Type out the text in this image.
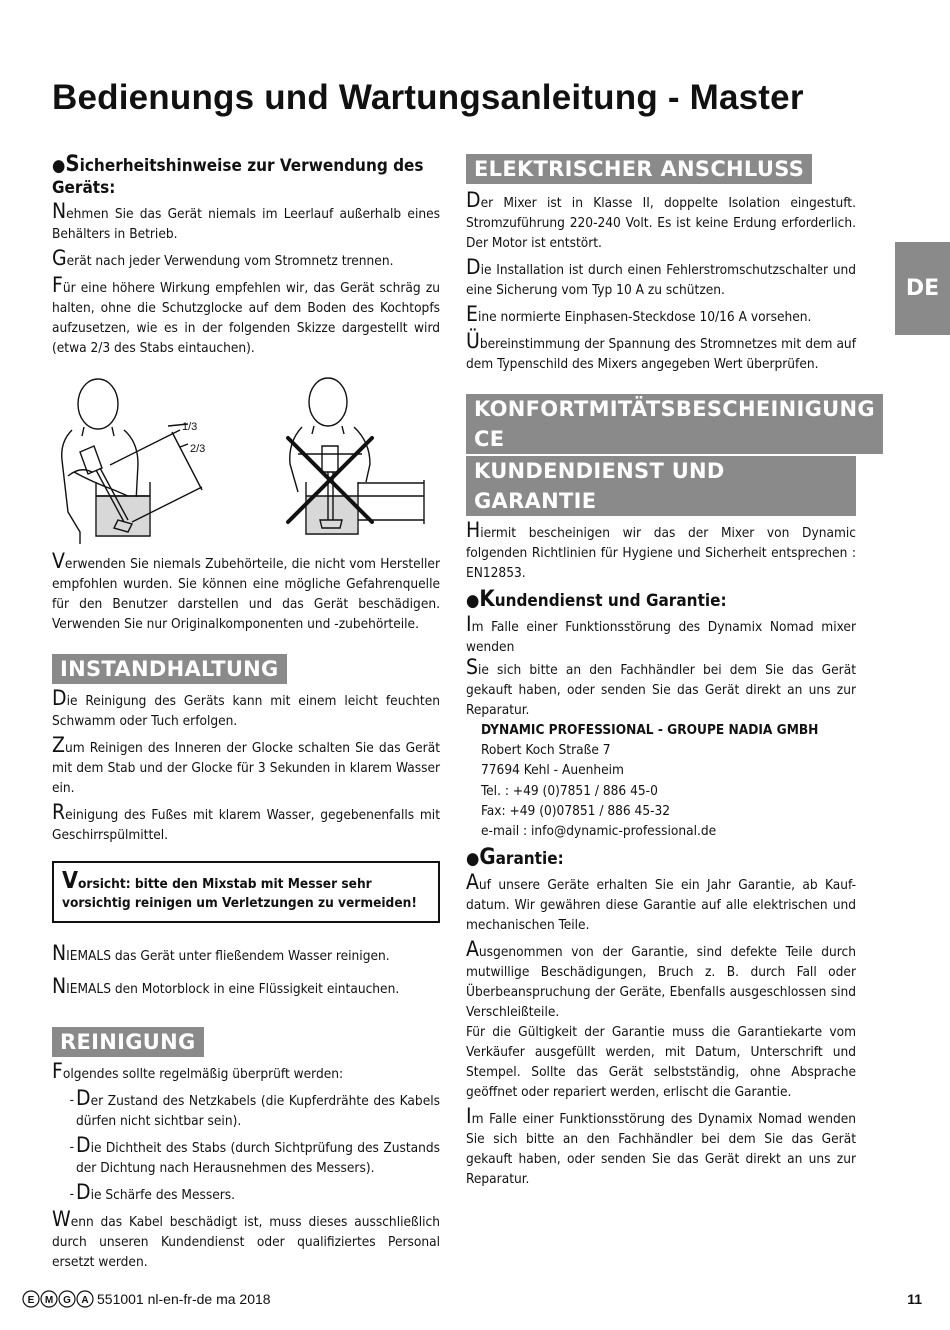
Bedienungs und Wartungsanleitung - Master
DE
●Sicherheitshinweise zur Verwendung des Geräts:

Nehmen Sie das Gerät niemals im Leerlauf außerhalb eines Behälters in Betrieb.

Gerät nach jeder Verwendung vom Stromnetz trennen.

Für eine höhere Wirkung empfehlen wir, das Gerät schräg zu halten, ohne die Schutzglocke auf dem Boden des Kochtopfs aufzusetzen, wie es in der folgenden Skizze dargestellt wird (etwa 2/3 des Stabs eintauchen).

1/3
2/3

Verwenden Sie niemals Zubehörteile, die nicht vom Hersteller empfohlen wurden. Sie können eine mögliche Gefahrenquelle für den Benutzer darstellen und das Gerät beschädigen. Verwenden Sie nur Originalkomponenten und -zubehörteile.

INSTANDHALTUNG

Die Reinigung des Geräts kann mit einem leicht feuchten Schwamm oder Tuch erfolgen.

Zum Reinigen des Inneren der Glocke schalten Sie das Gerät mit dem Stab und der Glocke für 3 Sekunden in klarem Wasser ein.

Reinigung des Fußes mit klarem Wasser, gegebenenfalls mit Geschirrspülmittel.

Vorsicht: bitte den Mixstab mit Messer sehr vorsichtig reinigen um Verletzungen zu vermeiden!

NIEMALS das Gerät unter fließendem Wasser reinigen.

NIEMALS den Motorblock in eine Flüssigkeit eintauchen.

REINIGUNG

Folgendes sollte regelmäßig überprüft werden:

- Der Zustand des Netzkabels (die Kupferdrähte des Kabels dürfen nicht sichtbar sein).
- Die Dichtheit des Stabs (durch Sichtprüfung des Zustands der Dichtung nach Herausnehmen des Messers).
- Die Schärfe des Messers.

Wenn das Kabel beschädigt ist, muss dieses ausschließlich durch unseren Kundendienst oder qualifiziertes Personal ersetzt werden.

ELEKTRISCHER ANSCHLUSS

Der Mixer ist in Klasse II, doppelte Isolation eingestuft. Stromzuführung 220-240 Volt. Es ist keine Erdung erforderlich. Der Motor ist entstört.

Die Installation ist durch einen Fehlerstromschutzschalter und eine Sicherung vom Typ 10 A zu schützen.

Eine normierte Einphasen-Steckdose 10/16 A vorsehen.

Übereinstimmung der Spannung des Stromnetzes mit dem auf dem Typenschild des Mixers angegeben Wert überprüfen.

KONFORTMITÄTSBESCHEINIGUNG CE
KUNDENDIENST UND GARANTIE

Hiermit bescheinigen wir das der Mixer von Dynamic folgenden Richtlinien für Hygiene und Sicherheit entsprechen : EN12853.

●Kundendienst und Garantie:

Im Falle einer Funktionsstörung des Dynamix Nomad mixer wenden

Sie sich bitte an den Fachhändler bei dem Sie das Gerät gekauft haben, oder senden Sie das Gerät direkt an uns zur Reparatur.

DYNAMIC PROFESSIONAL - GROUPE NADIA GMBH
Robert Koch Straße 7
77694 Kehl - Auenheim
Tel. : +49 (0)7851 / 886 45-0
Fax: +49 (0)07851 / 886 45-32
e-mail : info@dynamic-professional.de
●Garantie:

Auf unsere Geräte erhalten Sie ein Jahr Garantie, ab Kauf-datum. Wir gewähren diese Garantie auf alle elektrischen und mechanischen Teile.

Ausgenommen von der Garantie, sind defekte Teile durch mutwillige Beschädigungen, Bruch z. B. durch Fall oder Überbeanspruchung der Geräte, Ebenfalls ausgeschlossen sind Verschleißteile.

Für die Gültigkeit der Garantie muss die Garantiekarte vom Verkäufer ausgefüllt werden, mit Datum, Unterschrift und Stempel. Sollte das Gerät selbstständig, ohne Absprache geöffnet oder repariert werden, erlischt die Garantie.

Im Falle einer Funktionsstörung des Dynamix Nomad wenden Sie sich bitte an den Fachhändler bei dem Sie das Gerät gekauft haben, oder senden Sie das Gerät direkt an uns zur Reparatur.

E M G A 551001 nl-en-fr-de ma 2018	11
